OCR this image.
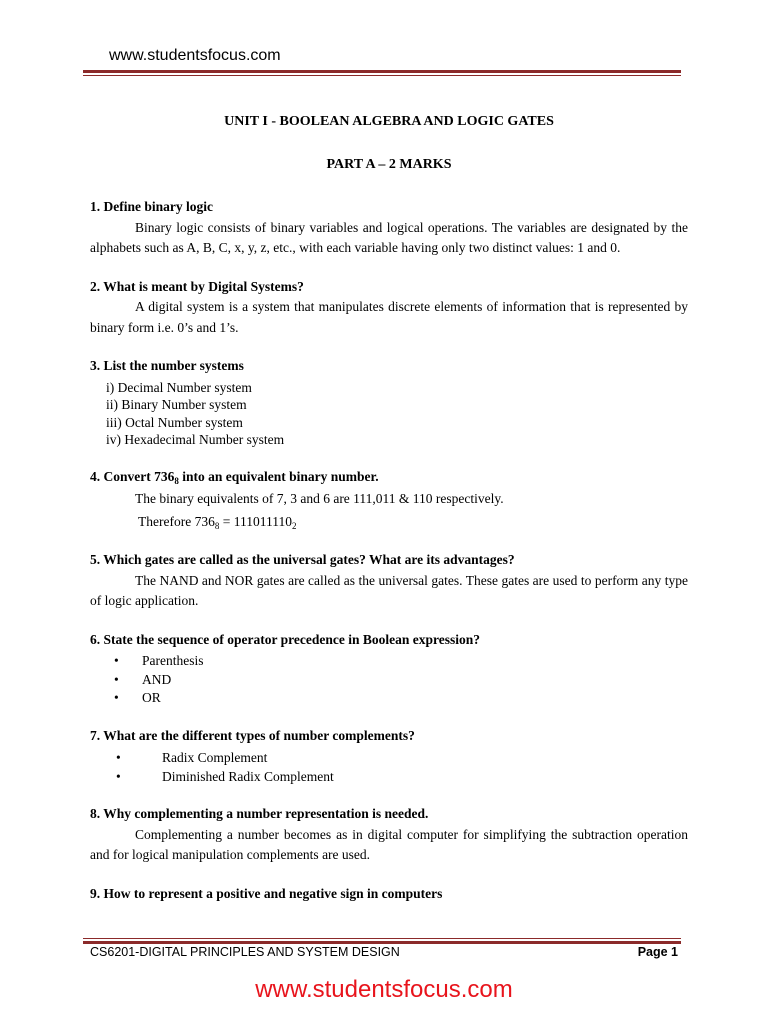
www.studentsfocus.com
UNIT I - BOOLEAN ALGEBRA AND LOGIC GATES
PART A – 2 MARKS
1. Define binary logic
Binary logic consists of binary variables and logical operations. The variables are designated by the alphabets such as A, B, C, x, y, z, etc., with each variable having only two distinct values: 1 and 0.
2. What is meant by Digital Systems?
A digital system is a system that manipulates discrete elements of information that is represented by binary form i.e. 0’s and 1’s.
3. List the number systems
i) Decimal Number system
ii) Binary Number system
iii) Octal Number system
iv) Hexadecimal Number system
4. Convert $736_8$ into an equivalent binary number.
The binary equivalents of 7, 3 and 6 are 111,011 & 110 respectively.
Therefore $736_8 = 111011110_2$
5. Which gates are called as the universal gates? What are its advantages?
The NAND and NOR gates are called as the universal gates. These gates are used to perform any type of logic application.
6. State the sequence of operator precedence in Boolean expression?
•	Parenthesis
•	AND
•	OR
7. What are the different types of number complements?
•	Radix Complement
•	Diminished Radix Complement
8. Why complementing a number representation is needed.
Complementing a number becomes as in digital computer for simplifying the subtraction operation and for logical manipulation complements are used.
9. How to represent a positive and negative sign in computers
CS6201-DIGITAL PRINCIPLES AND SYSTEM DESIGN	Page 1
www.studentsfocus.com
